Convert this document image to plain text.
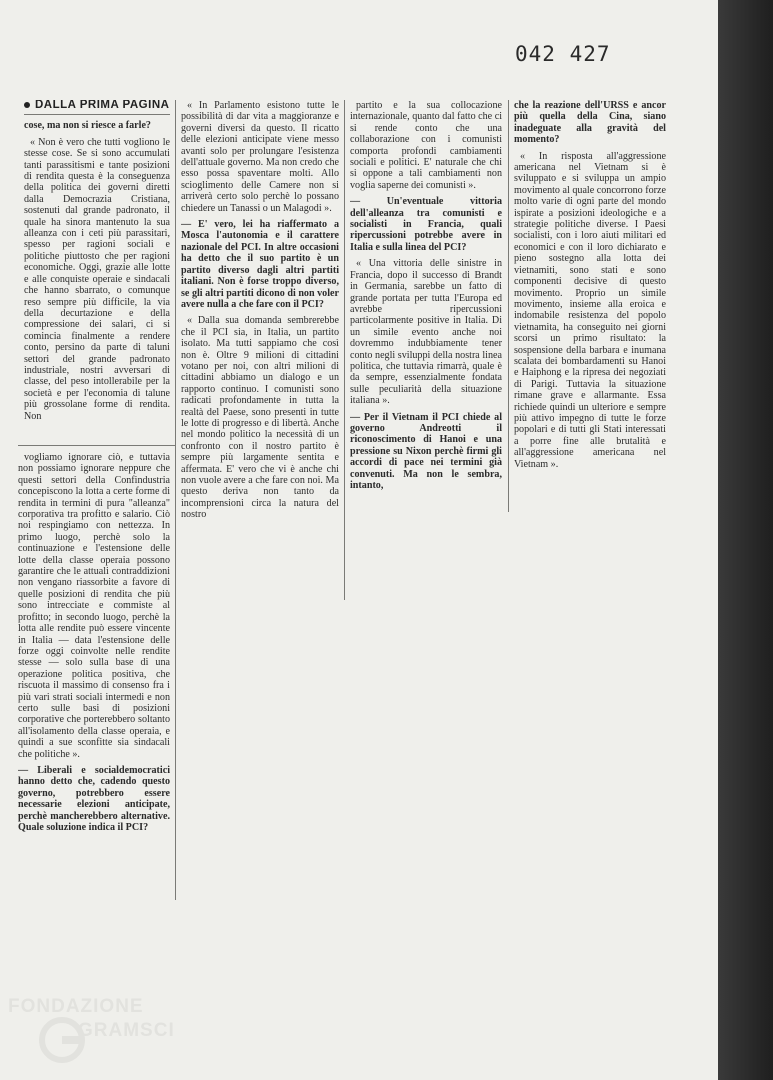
042 427

DALLA PRIMA PAGINA

cose, ma non si riesce a farle?

« Non è vero che tutti vogliono le stesse cose. Se si sono accumulati tanti parassitismi e tante posizioni di rendita questa è la conseguenza della politica dei governi diretti dalla Democrazia Cristiana, sostenuti dal grande padronato, il quale ha sinora mantenuto la sua alleanza con i ceti più parassitari, spesso per ragioni sociali e politiche piuttosto che per ragioni economiche. Oggi, grazie alle lotte e alle conquiste operaie e sindacali che hanno sbarrato, o comunque reso sempre più difficile, la via della decurtazione e della compressione dei salari, ci si comincia finalmente a rendere conto, persino da parte di taluni settori del grande padronato industriale, nostri avversari di classe, del peso intollerabile per la società e per l'economia di talune più grossolane forme di rendita. Non

vogliamo ignorare ciò, e tuttavia non possiamo ignorare neppure che questi settori della Confindustria concepiscono la lotta a certe forme di rendita in termini di pura "alleanza" corporativa tra profitto e salario. Ciò noi respingiamo con nettezza. In primo luogo, perchè solo la continuazione e l'estensione delle lotte della classe operaia possono garantire che le attuali contraddizioni non vengano riassorbite a favore di quelle posizioni di rendita che più sono intrecciate e commiste al profitto; in secondo luogo, perchè la lotta alle rendite può essere vincente in Italia — data l'estensione delle forze oggi coinvolte nelle rendite stesse — solo sulla base di una operazione politica positiva, che riscuota il massimo di consenso fra i più vari strati sociali intermedi e non certo sulle basi di posizioni corporative che porterebbero soltanto all'isolamento della classe operaia, e quindi a sue sconfitte sia sindacali che politiche ».

— Liberali e socialdemocratici hanno detto che, cadendo questo governo, potrebbero essere necessarie elezioni anticipate, perchè mancherebbero alternative. Quale soluzione indica il PCI?

« In Parlamento esistono tutte le possibilità di dar vita a maggioranze e governi diversi da questo. Il ricatto delle elezioni anticipate viene messo avanti solo per prolungare l'esistenza dell'attuale governo. Ma non credo che esso possa spaventare molti. Allo scioglimento delle Camere non si arriverà certo solo perchè lo possano chiedere un Tanassi o un Malagodi ».

— E' vero, lei ha riaffermato a Mosca l'autonomia e il carattere nazionale del PCI. In altre occasioni ha detto che il suo partito è un partito diverso dagli altri partiti italiani. Non è forse troppo diverso, se gli altri partiti dicono di non voler avere nulla a che fare con il PCI?

« Dalla sua domanda sembrerebbe che il PCI sia, in Italia, un partito isolato. Ma tutti sappiamo che così non è. Oltre 9 milioni di cittadini votano per noi, con altri milioni di cittadini abbiamo un dialogo e un rapporto continuo. I comunisti sono radicati profondamente in tutta la realtà del Paese, sono presenti in tutte le lotte di progresso e di libertà. Anche nel mondo politico la necessità di un confronto con il nostro partito è sempre più largamente sentita e affermata. E' vero che vi è anche chi non vuole avere a che fare con noi. Ma questo deriva non tanto da incomprensioni circa la natura del nostro

partito e la sua collocazione internazionale, quanto dal fatto che ci si rende conto che una collaborazione con i comunisti comporta profondi cambiamenti sociali e politici. E' naturale che chi si oppone a tali cambiamenti non voglia saperne dei comunisti ».

— Un'eventuale vittoria dell'alleanza tra comunisti e socialisti in Francia, quali ripercussioni potrebbe avere in Italia e sulla linea del PCI?

« Una vittoria delle sinistre in Francia, dopo il successo di Brandt in Germania, sarebbe un fatto di grande portata per tutta l'Europa ed avrebbe ripercussioni particolarmente positive in Italia. Di un simile evento anche noi dovremmo indubbiamente tener conto negli sviluppi della nostra linea politica, che tuttavia rimarrà, quale è da sempre, essenzialmente fondata sulle peculiarità della situazione italiana ».

— Per il Vietnam il PCI chiede al governo Andreotti il riconoscimento di Hanoi e una pressione su Nixon perchè firmi gli accordi di pace nei termini già convenuti. Ma non le sembra, intanto,

che la reazione dell'URSS e ancor più quella della Cina, siano inadeguate alla gravità del momento?

« In risposta all'aggressione americana nel Vietnam si è sviluppato e si sviluppa un ampio movimento al quale concorrono forze molto varie di ogni parte del mondo ispirate a posizioni ideologiche e a strategie politiche diverse. I Paesi socialisti, con i loro aiuti militari ed economici e con il loro dichiarato e pieno sostegno alla lotta dei vietnamiti, sono stati e sono componenti decisive di questo movimento. Proprio un simile movimento, insieme alla eroica e indomabile resistenza del popolo vietnamita, ha conseguito nei giorni scorsi un primo risultato: la sospensione della barbara e inumana scalata dei bombardamenti su Hanoi e Haiphong e la ripresa dei negoziati di Parigi. Tuttavia la situazione rimane grave e allarmante. Essa richiede quindi un ulteriore e sempre più attivo impegno di tutte le forze popolari e di tutti gli Stati interessati a porre fine alle brutalità e all'aggressione americana nel Vietnam ».

FONDAZIONE
GRAMSCI
